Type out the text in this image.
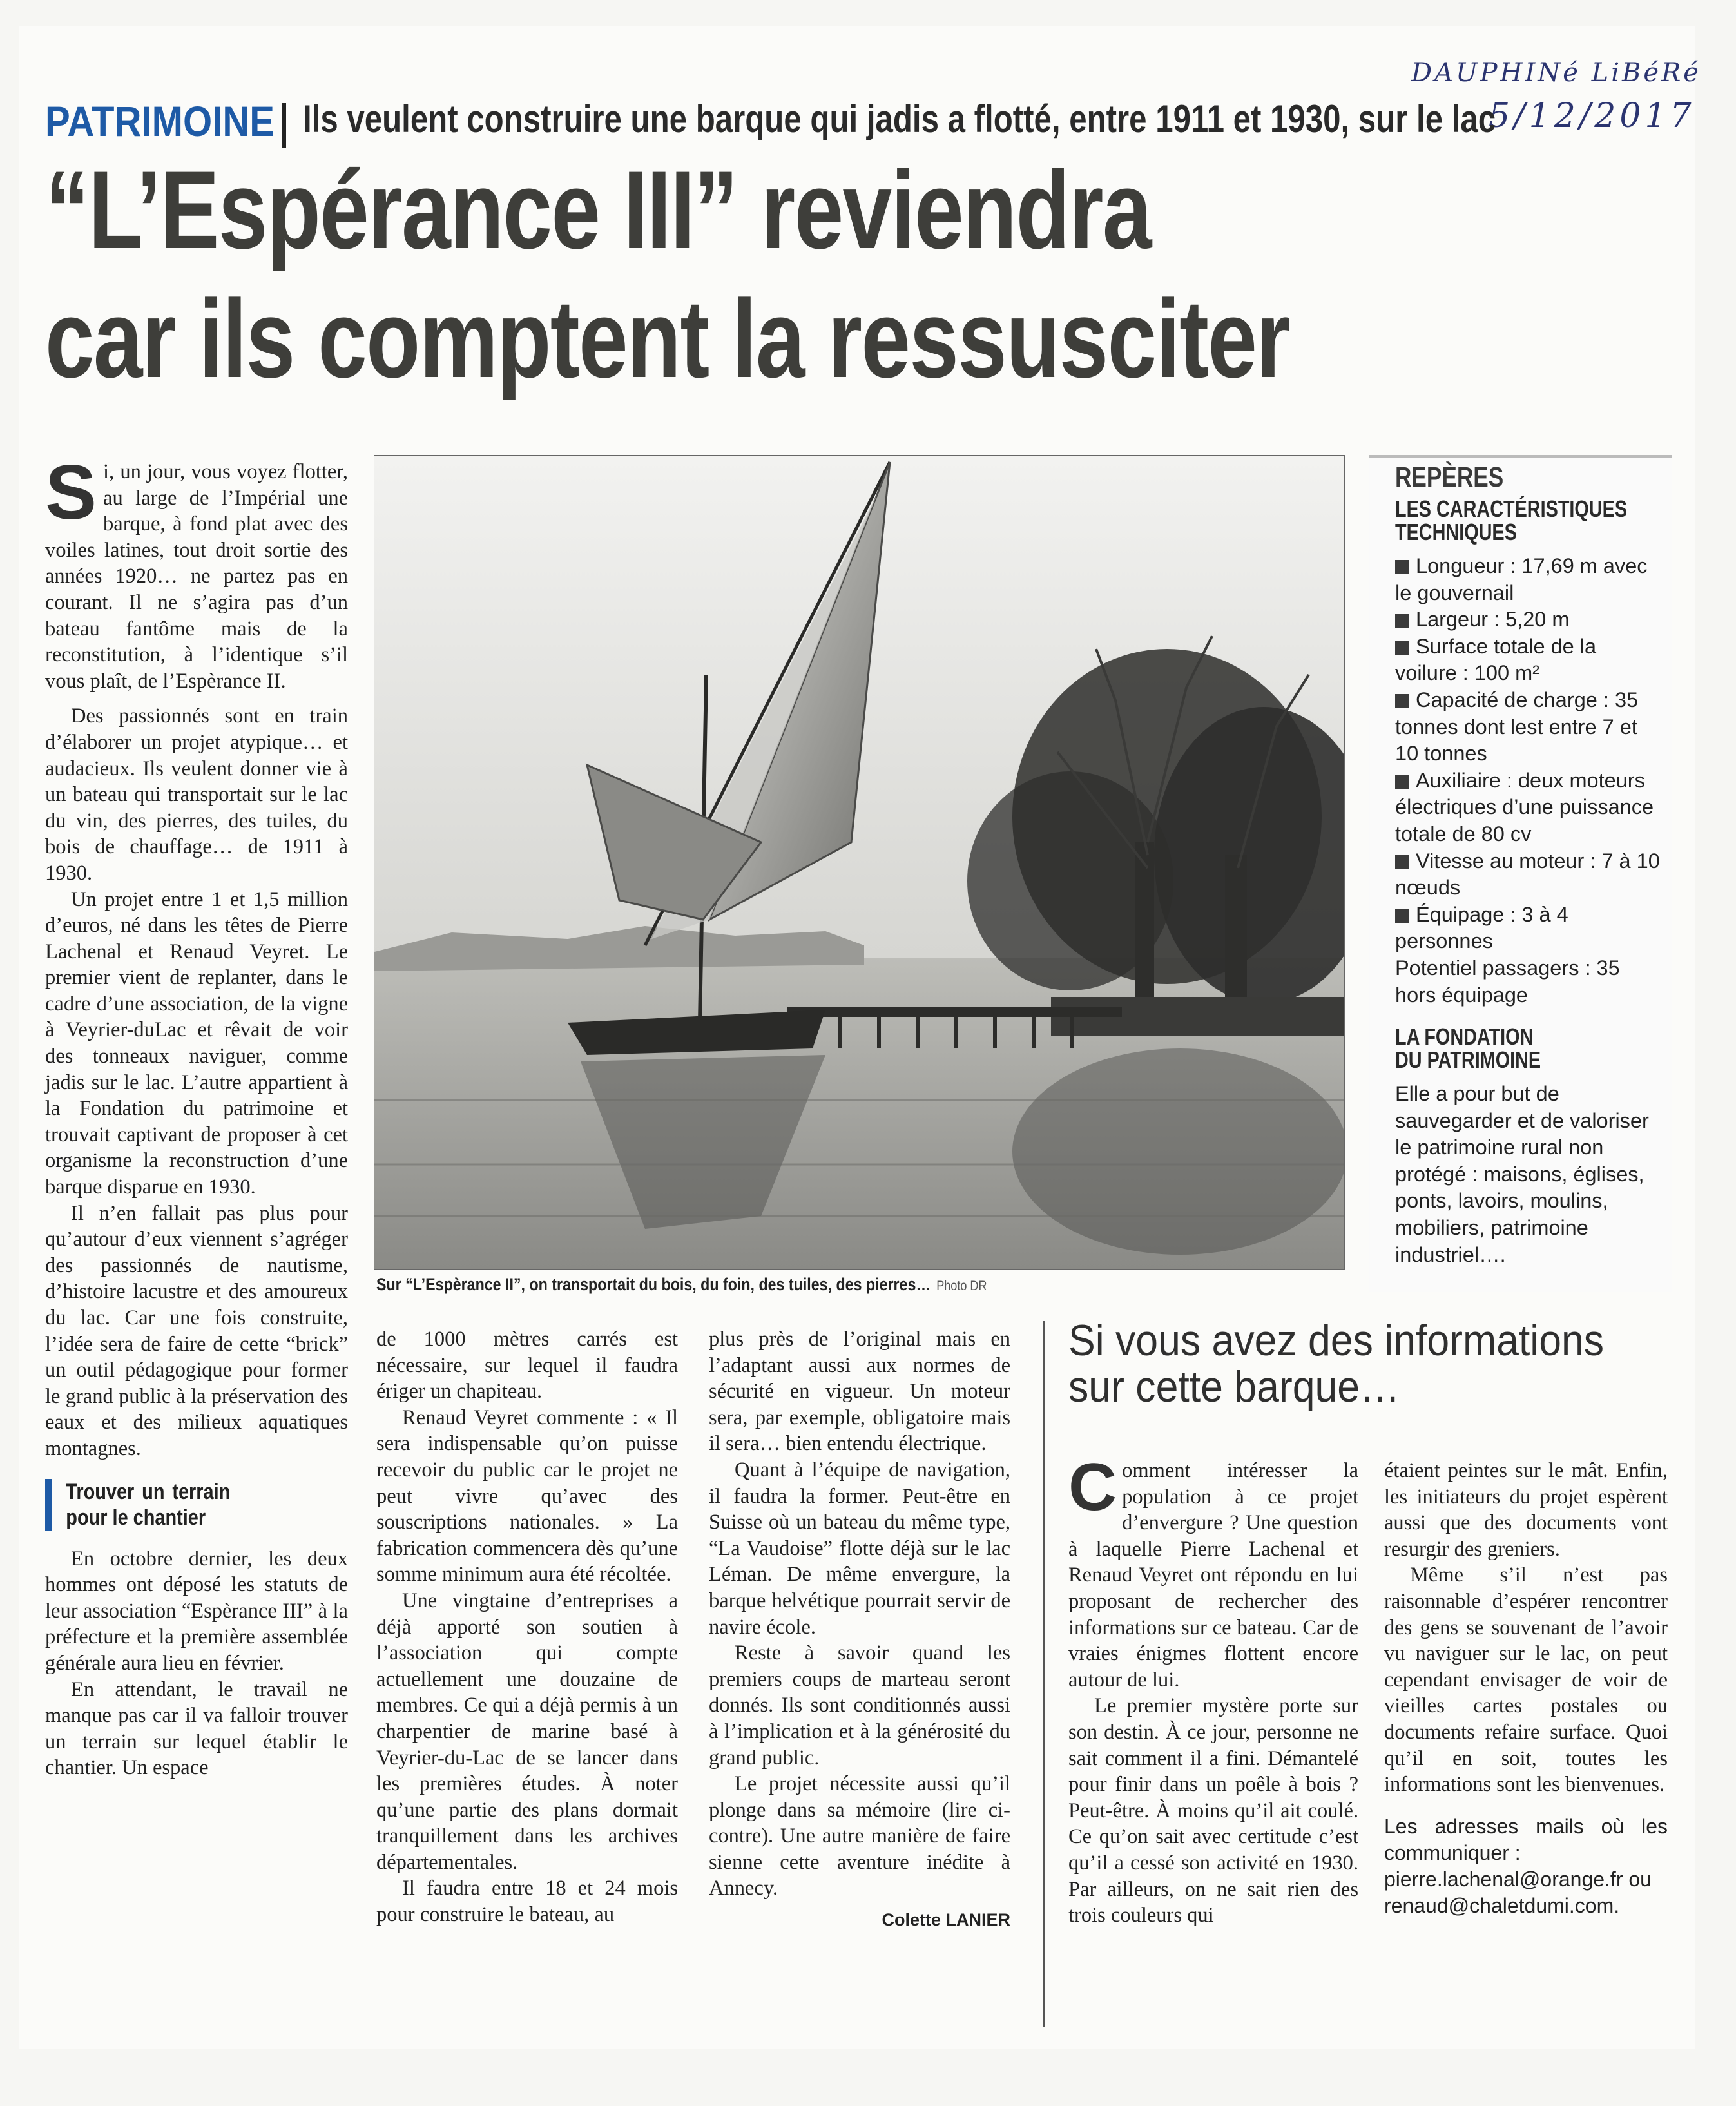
DAUPHINé LiBéRé
5/12/2017
PATRIMOINE Ils veulent construire une barque qui jadis a flotté, entre 1911 et 1930, sur le lac
“L’Espérance III” reviendra
car ils comptent la ressusciter

Si, un jour, vous voyez flotter, au large de l’Impérial une barque, à fond plat avec des voiles latines, tout droit sortie des années 1920… ne partez pas en courant. Il ne s’agira pas d’un bateau fantôme mais de la reconstitution, à l’identique s’il vous plaît, de l’Espèrance II.

Des passionnés sont en train d’élaborer un projet atypique… et audacieux. Ils veulent donner vie à un bateau qui transportait sur le lac du vin, des pierres, des tuiles, du bois de chauffage… de 1911 à 1930.

Un projet entre 1 et 1,5 million d’euros, né dans les têtes de Pierre Lachenal et Renaud Veyret. Le premier vient de replanter, dans le cadre d’une association, de la vigne à Veyrier-duLac et rêvait de voir des tonneaux naviguer, comme jadis sur le lac. L’autre appartient à la Fondation du patrimoine et trouvait captivant de proposer à cet organisme la reconstruction d’une barque disparue en 1930.

Il n’en fallait pas plus pour qu’autour d’eux viennent s’agréger des passionnés de nautisme, d’histoire lacustre et des amoureux du lac. Car une fois construite, l’idée sera de faire de cette “brick” un outil pédagogique pour former le grand public à la préservation des eaux et des milieux aquatiques montagnes.

Trouver un terrain pour le chantier

En octobre dernier, les deux hommes ont déposé les statuts de leur association “Espèrance III” à la préfecture et la première assemblée générale aura lieu en février.

En attendant, le travail ne manque pas car il va falloir trouver un terrain sur lequel établir le chantier. Un espace

Sur “L’Espèrance II”, on transportait du bois, du foin, des tuiles, des pierres… Photo DR
REPÈRES
LES CARACTÉRISTIQUES TECHNIQUES
Longueur : 17,69 m avec le gouvernail
Largeur : 5,20 m
Surface totale de la voilure : 100 m²
Capacité de charge : 35 tonnes dont lest entre 7 et 10 tonnes
Auxiliaire : deux moteurs électriques d’une puissance totale de 80 cv
Vitesse au moteur : 7 à 10 nœuds
Équipage : 3 à 4 personnes
Potentiel passagers : 35 hors équipage
LA FONDATION DU PATRIMOINE
Elle a pour but de sauvegarder et de valoriser le patrimoine rural non protégé : maisons, églises, ponts, lavoirs, moulins, mobiliers, patrimoine industriel….

de 1000 mètres carrés est nécessaire, sur lequel il faudra ériger un chapiteau.

Renaud Veyret commente : « Il sera indispensable qu’on puisse recevoir du public car le projet ne peut vivre qu’avec des souscriptions nationales. » La fabrication commencera dès qu’une somme minimum aura été récoltée.

Une vingtaine d’entreprises a déjà apporté son soutien à l’association qui compte actuellement une douzaine de membres. Ce qui a déjà permis à un charpentier de marine basé à Veyrier-du-Lac de se lancer dans les premières études. À noter qu’une partie des plans dormait tranquillement dans les archives départementales.

Il faudra entre 18 et 24 mois pour construire le bateau, au

plus près de l’original mais en l’adaptant aussi aux normes de sécurité en vigueur. Un moteur sera, par exemple, obligatoire mais il sera… bien entendu électrique.

Quant à l’équipe de navigation, il faudra la former. Peut-être en Suisse où un bateau du même type, “La Vaudoise” flotte déjà sur le lac Léman. De même envergure, la barque helvétique pourrait servir de navire école.

Reste à savoir quand les premiers coups de marteau seront donnés. Ils sont conditionnés aussi à l’implication et à la générosité du grand public.

Le projet nécessite aussi qu’il plonge dans sa mémoire (lire ci-contre). Une autre manière de faire sienne cette aventure inédite à Annecy.

Colette LANIER
Si vous avez des informations sur cette barque…

Comment intéresser la population à ce projet d’envergure ? Une question à laquelle Pierre Lachenal et Renaud Veyret ont répondu en lui proposant de rechercher des informations sur ce bateau. Car de vraies énigmes flottent encore autour de lui.

Le premier mystère porte sur son destin. À ce jour, personne ne sait comment il a fini. Démantelé pour finir dans un poêle à bois ? Peut-être. À moins qu’il ait coulé. Ce qu’on sait avec certitude c’est qu’il a cessé son activité en 1930. Par ailleurs, on ne sait rien des trois couleurs qui

étaient peintes sur le mât. Enfin, les initiateurs du projet espèrent aussi que des documents vont resurgir des greniers.

Même s’il n’est pas raisonnable d’espérer rencontrer des gens se souvenant de l’avoir vu naviguer sur le lac, on peut cependant envisager de voir de vieilles cartes postales ou documents refaire surface. Quoi qu’il en soit, toutes les informations sont les bienvenues.

Les adresses mails où les communiquer :
pierre.lachenal@orange.fr ou
renaud@chaletdumi.com.
